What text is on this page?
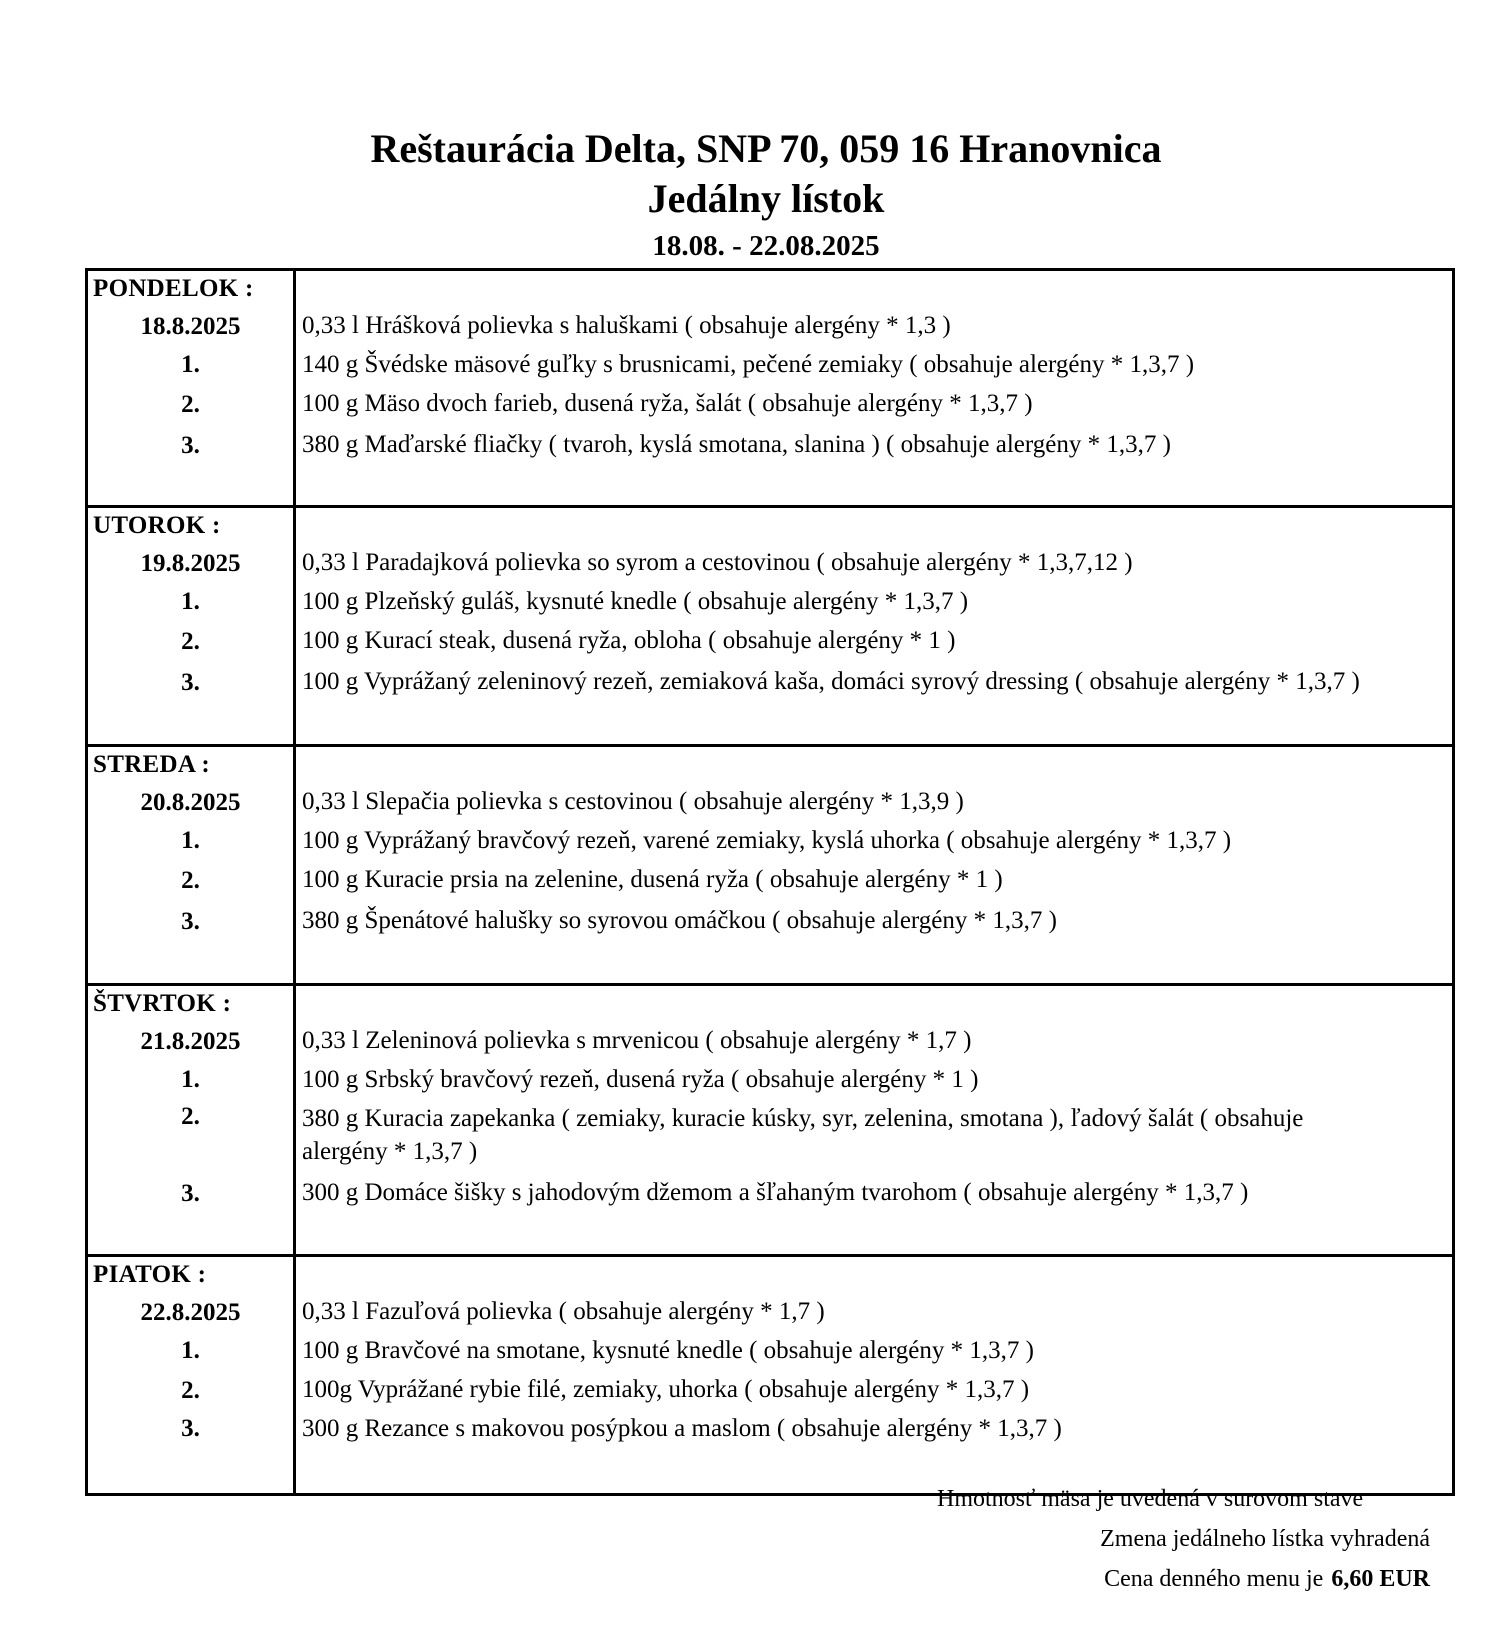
Reštaurácia Delta, SNP 70, 059 16 Hranovnica
Jedálny lístok
18.08. - 22.08.2025
PONDELOK :
18.8.2025
1.
2.
3.
0,33 l Hrášková polievka s haluškami ( obsahuje alergény * 1,3 )
140 g Švédske mäsové guľky s brusnicami, pečené zemiaky ( obsahuje alergény * 1,3,7 )
100 g Mäso dvoch farieb, dusená ryža, šalát ( obsahuje alergény * 1,3,7 )
380 g Maďarské fliačky ( tvaroh, kyslá smotana, slanina ) ( obsahuje alergény * 1,3,7 )
UTOROK :
19.8.2025
1.
2.
3.
0,33 l Paradajková polievka so syrom a cestovinou ( obsahuje alergény * 1,3,7,12 )
100 g Plzeňský guláš, kysnuté knedle ( obsahuje alergény * 1,3,7 )
100 g Kurací steak, dusená ryža, obloha ( obsahuje alergény * 1 )
100 g Vyprážaný zeleninový rezeň, zemiaková kaša, domáci syrový dressing ( obsahuje alergény * 1,3,7 )
STREDA :
20.8.2025
1.
2.
3.
0,33 l Slepačia polievka s cestovinou ( obsahuje alergény * 1,3,9 )
100 g Vyprážaný bravčový rezeň, varené zemiaky, kyslá uhorka ( obsahuje alergény * 1,3,7 )
100 g Kuracie prsia na zelenine, dusená ryža ( obsahuje alergény * 1 )
380 g Špenátové halušky so syrovou omáčkou ( obsahuje alergény * 1,3,7 )
ŠTVRTOK :
21.8.2025
1.
2.
3.
0,33 l Zeleninová polievka s mrvenicou ( obsahuje alergény * 1,7 )
100 g Srbský bravčový rezeň, dusená ryža ( obsahuje alergény * 1 )
380 g Kuracia zapekanka ( zemiaky, kuracie kúsky, syr, zelenina, smotana ), ľadový šalát ( obsahuje alergény * 1,3,7 )
300 g Domáce šišky s jahodovým džemom a šľahaným tvarohom ( obsahuje alergény * 1,3,7 )
PIATOK :
22.8.2025
1.
2.
3.
0,33 l Fazuľová polievka ( obsahuje alergény * 1,7 )
100 g Bravčové na smotane, kysnuté knedle ( obsahuje alergény * 1,3,7 )
100g Vyprážané rybie filé, zemiaky, uhorka ( obsahuje alergény * 1,3,7 )
300 g Rezance s makovou posýpkou a maslom ( obsahuje alergény * 1,3,7 )
Hmotnosť mäsa je uvedená v surovom stave
Zmena jedálneho lístka vyhradená
Cena denného menu je 6,60 EUR
